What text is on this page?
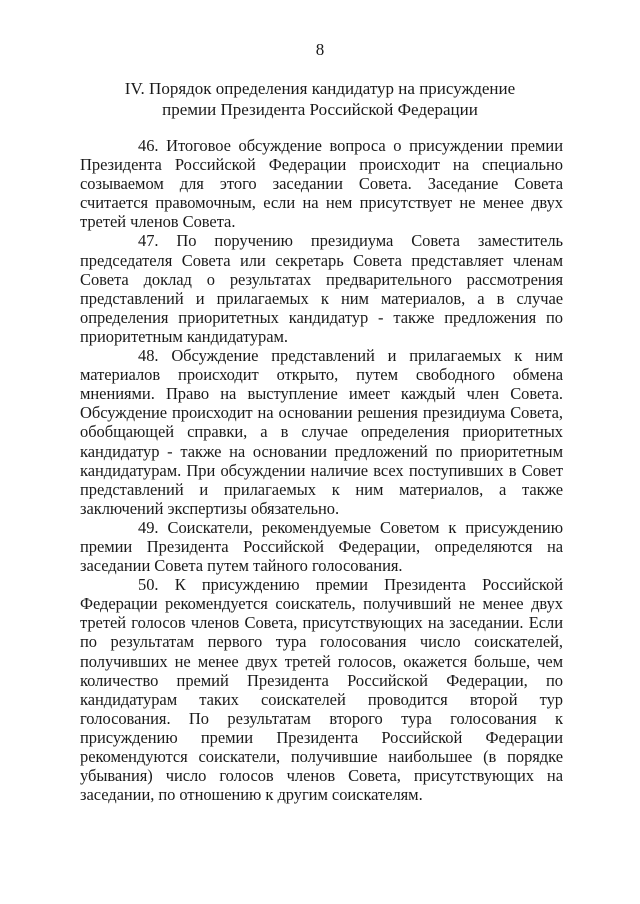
8
IV. Порядок определения кандидатур на присуждение
премии Президента Российской Федерации

46. Итоговое обсуждение вопроса о присуждении премии Президента Российской Федерации происходит на специально созываемом для этого заседании Совета. Заседание Совета считается правомочным, если на нем присутствует не менее двух третей членов Совета.

47. По поручению президиума Совета заместитель председателя Совета или секретарь Совета представляет членам Совета доклад о результатах предварительного рассмотрения представлений и прилагаемых к ним материалов, а в случае определения приоритетных кандидатур - также предложения по приоритетным кандидатурам.

48. Обсуждение представлений и прилагаемых к ним материалов происходит открыто, путем свободного обмена мнениями. Право на выступление имеет каждый член Совета. Обсуждение происходит на основании решения президиума Совета, обобщающей справки, а в случае определения приоритетных кандидатур - также на основании предложений по приоритетным кандидатурам. При обсуждении наличие всех поступивших в Совет представлений и прилагаемых к ним материалов, а также заключений экспертизы обязательно.

49. Соискатели, рекомендуемые Советом к присуждению премии Президента Российской Федерации, определяются на заседании Совета путем тайного голосования.

50. К присуждению премии Президента Российской Федерации рекомендуется соискатель, получивший не менее двух третей голосов членов Совета, присутствующих на заседании. Если по результатам первого тура голосования число соискателей, получивших не менее двух третей голосов, окажется больше, чем количество премий Президента Российской Федерации, по кандидатурам таких соискателей проводится второй тур голосования. По результатам второго тура голосования к присуждению премии Президента Российской Федерации рекомендуются соискатели, получившие наибольшее (в порядке убывания) число голосов членов Совета, присутствующих на заседании, по отношению к другим соискателям.
